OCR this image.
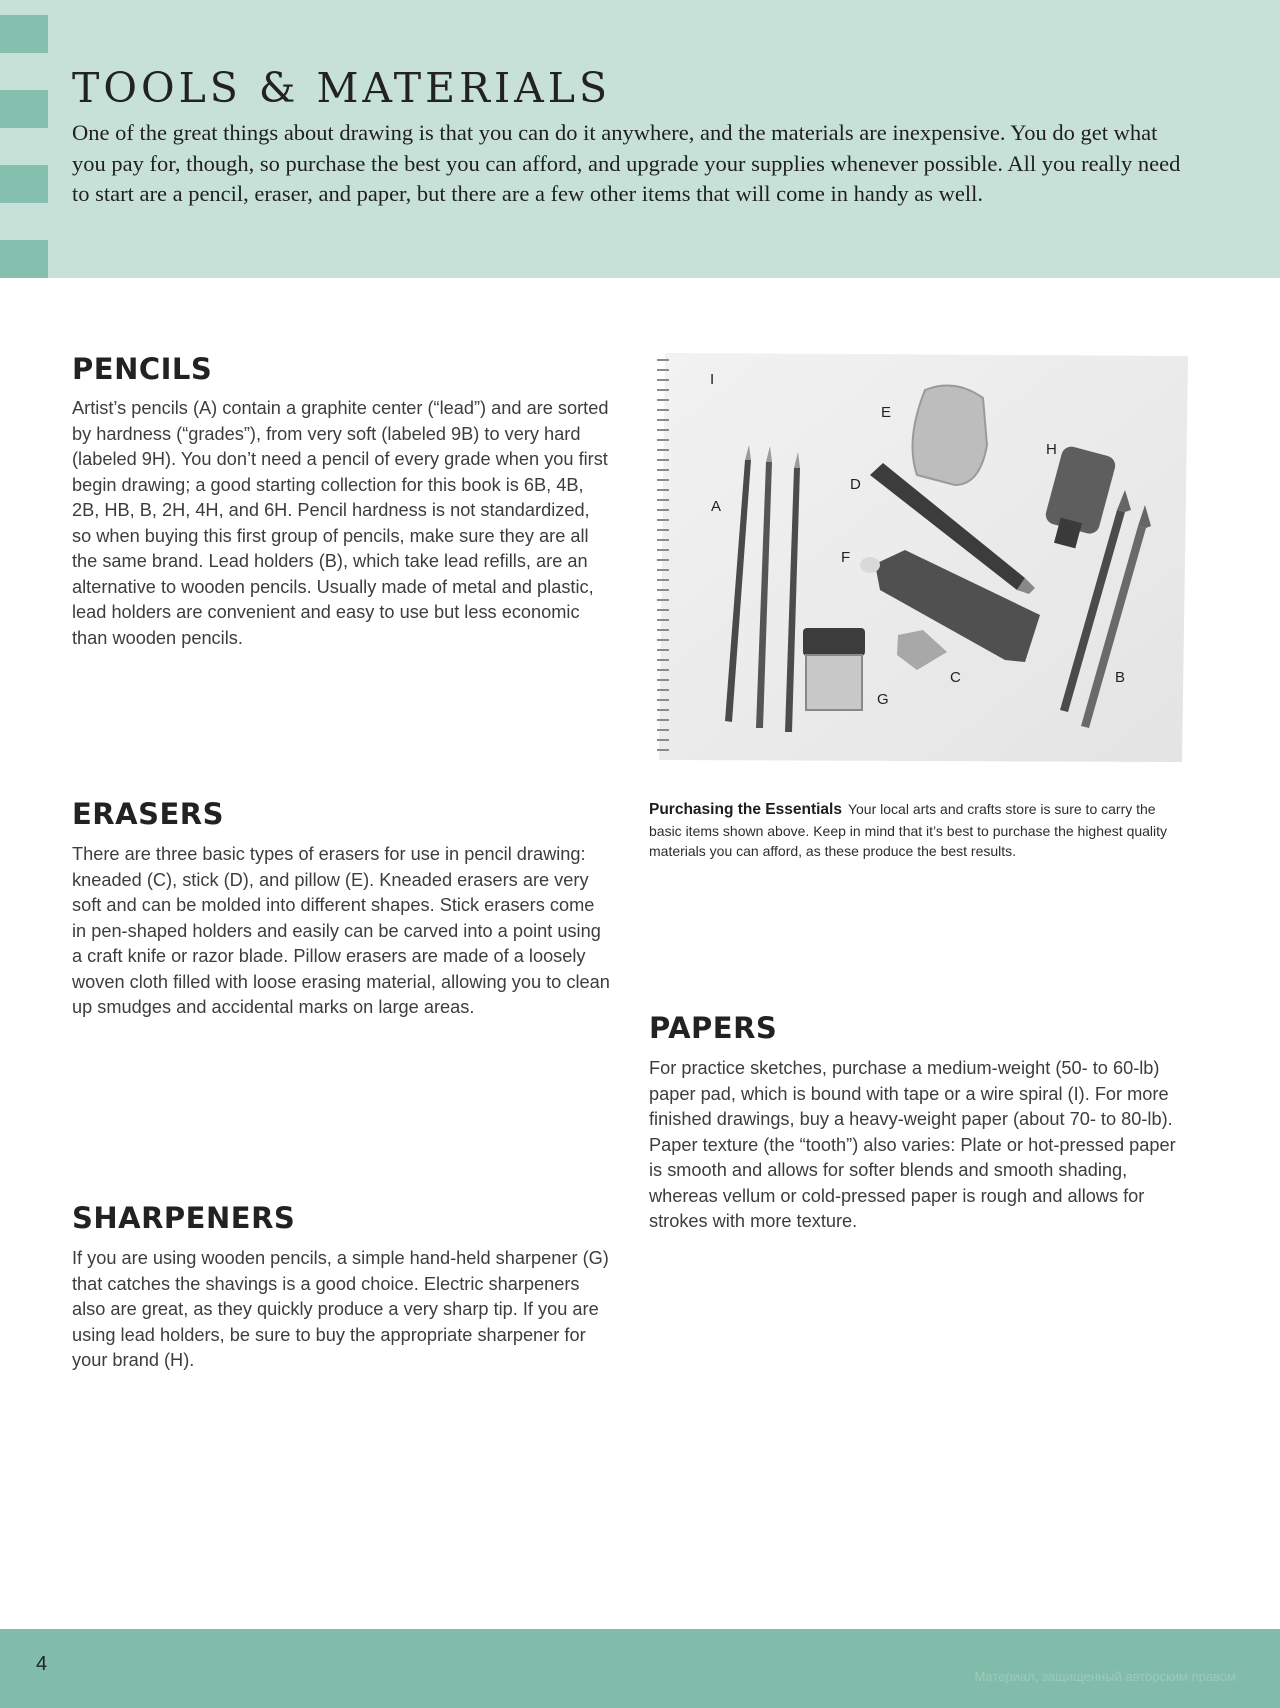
TOOLS & MATERIALS

One of the great things about drawing is that you can do it anywhere, and the materials are inexpensive. You do get what you pay for, though, so purchase the best you can afford, and upgrade your supplies whenever possible. All you really need to start are a pencil, eraser, and paper, but there are a few other items that will come in handy as well.

PENCILS

Artist’s pencils (A) contain a graphite center (“lead”) and are sorted by hardness (“grades”), from very soft (labeled 9B) to very hard (labeled 9H). You don’t need a pencil of every grade when you first begin drawing; a good starting collection for this book is 6B, 4B, 2B, HB, B, 2H, 4H, and 6H. Pencil hardness is not standardized, so when buying this first group of pencils, make sure they are all the same brand. Lead holders (B), which take lead refills, are an alternative to wooden pencils. Usually made of metal and plastic, lead holders are convenient and easy to use but less economic than wooden pencils.

I
E
H
D
A
F
C	B
G

Purchasing the Essentials Your local arts and crafts store is sure to carry the basic items shown above. Keep in mind that it’s best to purchase the highest quality materials you can afford, as these produce the best results.

ERASERS

There are three basic types of erasers for use in pencil drawing: kneaded (C), stick (D), and pillow (E). Kneaded erasers are very soft and can be molded into different shapes. Stick erasers come in pen-shaped holders and easily can be carved into a point using a craft knife or razor blade. Pillow erasers are made of a loosely woven cloth filled with loose erasing material, allowing you to clean up smudges and accidental marks on large areas.

PAPERS

For practice sketches, purchase a medium-weight (50- to 60-lb) paper pad, which is bound with tape or a wire spiral (I). For more finished drawings, buy a heavy-weight paper (about 70- to 80-lb). Paper texture (the “tooth”) also varies: Plate or hot-pressed paper is smooth and allows for softer blends and smooth shading, whereas vellum or cold-pressed paper is rough and allows for strokes with more texture.

SHARPENERS

If you are using wooden pencils, a simple hand-held sharpener (G) that catches the shavings is a good choice. Electric sharpeners also are great, as they quickly produce a very sharp tip. If you are using lead holders, be sure to buy the appropriate sharpener for your brand (H).

4
Материал, защищенный авторским правом
